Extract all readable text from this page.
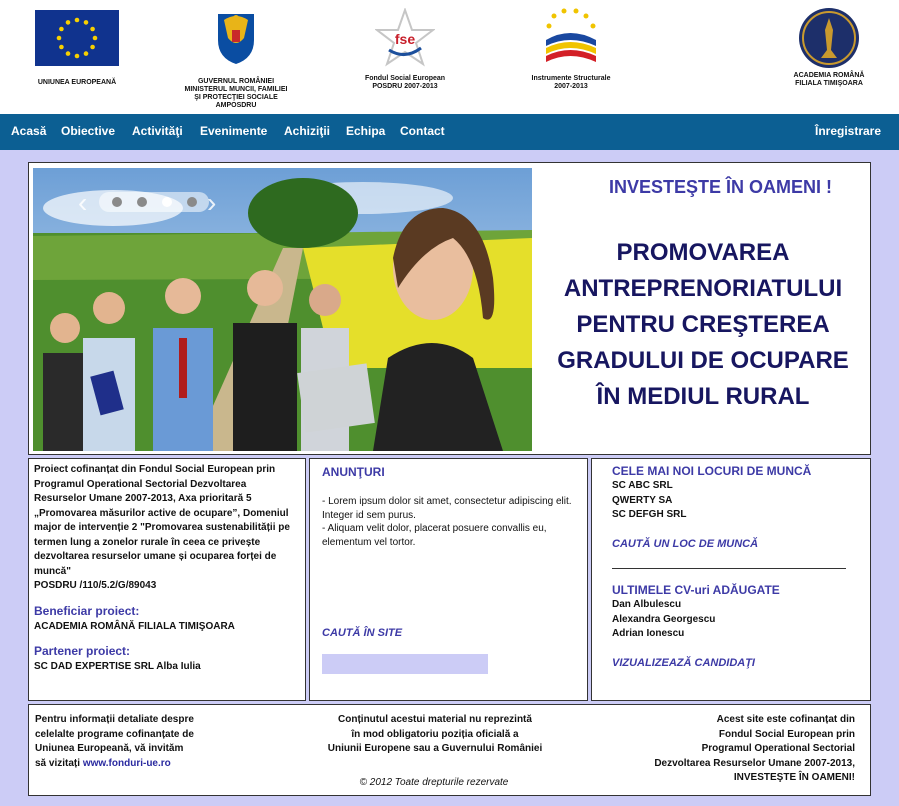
UNIUNEA EUROPEANĂ	GUVERNUL ROMÂNIEI
MINISTERUL MUNCII, FAMILIEI
ŞI PROTECŢIEI SOCIALE
AMPOSDRU
fse
Fondul Social European
POSDRU 2007-2013
Instrumente Structurale
2007-2013
ACADEMIA ROMÂNĂ
FILIALA TIMIŞOARA
Acasă Obiective Activităţi Evenimente Achiziţii Echipa Contact	Înregistrare
‹	›	INVESTEŞTE ÎN OAMENI !
PROMOVAREA ANTREPRENORIATULUI PENTRU CREŞTEREA GRADULUI DE OCUPARE ÎN MEDIUL RURAL
Proiect cofinanțat din Fondul Social European prin Programul Operational Sectorial Dezvoltarea Resurselor Umane 2007-2013, Axa prioritară 5 „Promovarea măsurilor active de ocupare”, Domeniul major de intervenție 2 "Promovarea sustenabilității pe termen lung a zonelor rurale în ceea ce privește dezvoltarea resurselor umane și ocuparea forței de muncă"
POSDRU /110/5.2/G/89043
Beneficiar proiect:
ACADEMIA ROMÂNĂ FILIALA TIMIŞOARA
Partener proiect:
SC DAD EXPERTISE SRL Alba Iulia
ANUNŢURI
- Lorem ipsum dolor sit amet, consectetur adipiscing elit. Integer id sem purus.
- Aliquam velit dolor, placerat posuere convallis eu, elementum vel tortor.
CAUTĂ ÎN SITE
CELE MAI NOI LOCURI DE MUNCĂ
SC ABC SRL
QWERTY SA
SC DEFGH SRL
CAUTĂ UN LOC DE MUNCĂ
ULTIMELE CV-uri ADĂUGATE
Dan Albulescu
Alexandra Georgescu
Adrian Ionescu
VIZUALIZEAZĂ CANDIDAŢI
Pentru informații detaliate despre
celelalte programe cofinanțate de
Uniunea Europeană, vă invităm
să vizitați www.fonduri-ue.ro
Conținutul acestui material nu reprezintă
în mod obligatoriu poziția oficială a
Uniunii Europene sau a Guvernului României
Acest site este cofinanțat din
Fondul Social European prin
Programul Operational Sectorial
Dezvoltarea Resurselor Umane 2007-2013,
INVESTEŞTE ÎN OAMENI!
© 2012 Toate drepturile rezervate
